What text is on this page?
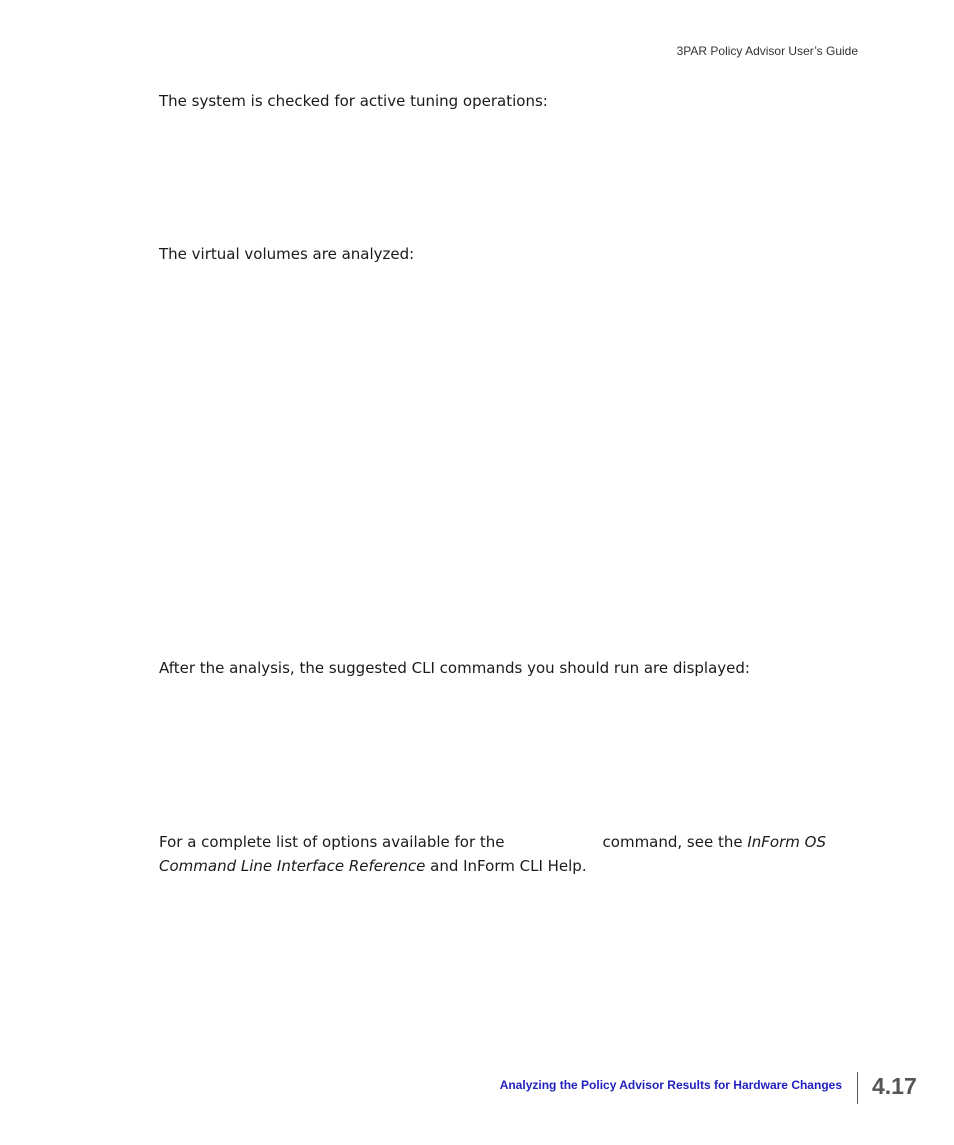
3PAR Policy Advisor User’s Guide
The system is checked for active tuning operations:
The virtual volumes are analyzed:
After the analysis, the suggested CLI commands you should run are displayed:
For a complete list of options available for the	command, see the InForm OS
Command Line Interface Reference and InForm CLI Help.
Analyzing the Policy Advisor Results for Hardware Changes 4.17
